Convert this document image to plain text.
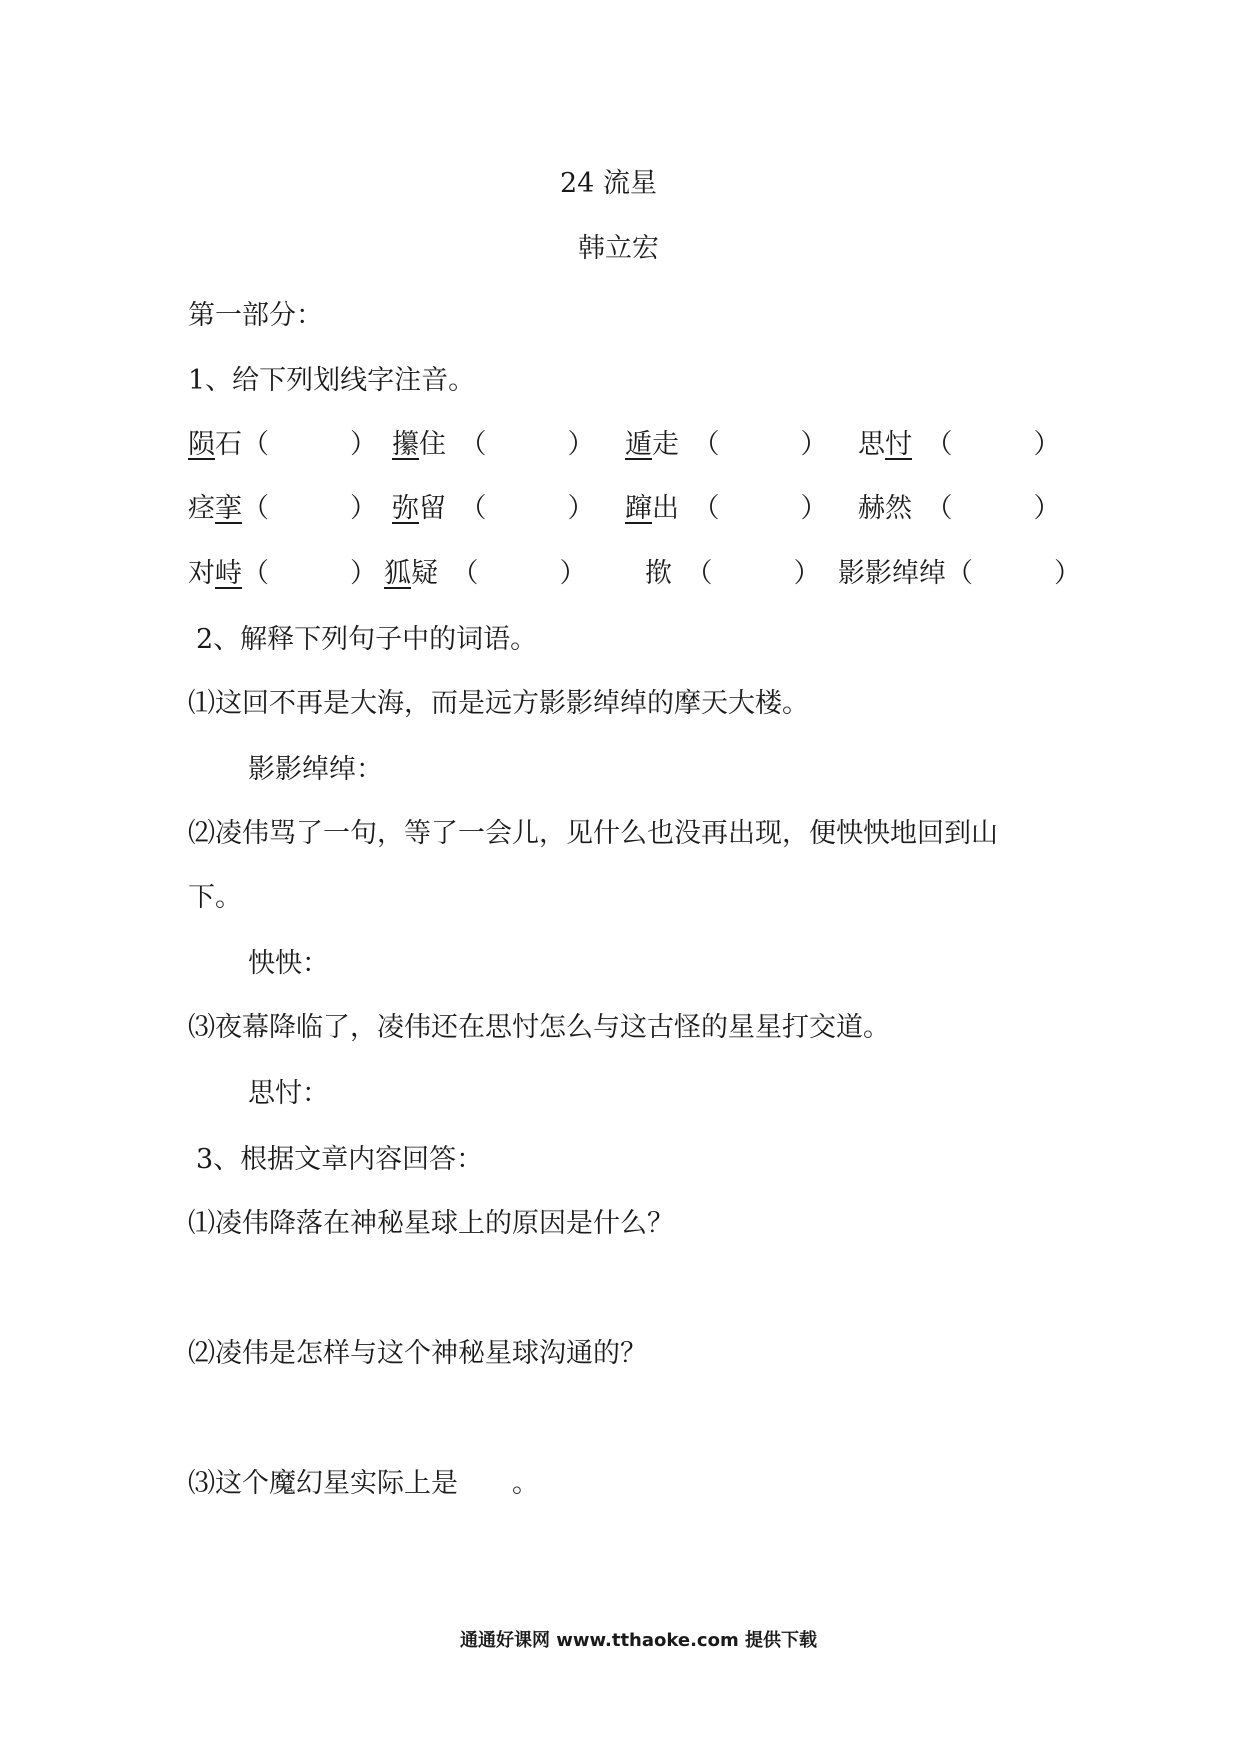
24 流星
韩立宏
第一部分：
1、给下列划线字注音。
陨石（　　　） 攥住　（　　　） 遁走　（　　　） 思忖　（　　　）
痉挛（　　　） 弥留　（　　　） 蹿出　（　　　） 赫然　（　　　）
对峙（　　　） 狐疑　（　　　） 揿　（　　　） 影影绰绰（　　　）
2、解释下列句子中的词语。
⑴这回不再是大海，而是远方影影绰绰的摩天大楼。
影影绰绰：
⑵凌伟骂了一句，等了一会儿，见什么也没再出现，便怏怏地回到山
下。
怏怏：
⑶夜幕降临了，凌伟还在思忖怎么与这古怪的星星打交道。
思忖：
3、根据文章内容回答：
⑴凌伟降落在神秘星球上的原因是什么？
⑵凌伟是怎样与这个神秘星球沟通的？
⑶这个魔幻星实际上是　　。
通通好课网 www.tthaoke.com 提供下载
